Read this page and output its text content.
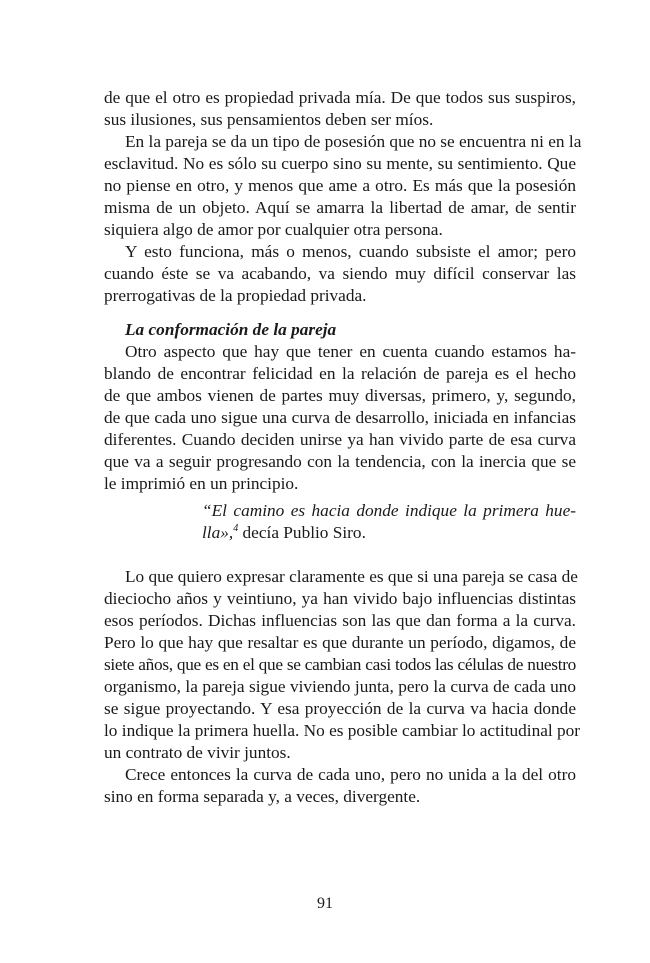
de que el otro es propiedad privada mía. De que todos sus suspiros,
sus ilusiones, sus pensamientos deben ser míos.
En la pareja se da un tipo de posesión que no se encuentra ni en la
esclavitud. No es sólo su cuerpo sino su mente, su sentimiento. Que
no piense en otro, y menos que ame a otro. Es más que la posesión
misma de un objeto. Aquí se amarra la libertad de amar, de sentir
siquiera algo de amor por cualquier otra persona.
Y esto funciona, más o menos, cuando subsiste el amor; pero
cuando éste se va acabando, va siendo muy difícil conservar las
prerrogativas de la propiedad privada.
La conformación de la pareja
Otro aspecto que hay que tener en cuenta cuando estamos ha-
blando de encontrar felicidad en la relación de pareja es el hecho
de que ambos vienen de partes muy diversas, primero, y, segundo,
de que cada uno sigue una curva de desarrollo, iniciada en infancias
diferentes. Cuando deciden unirse ya han vivido parte de esa curva
que va a seguir progresando con la tendencia, con la inercia que se
le imprimió en un principio.
“El camino es hacia donde indique la primera hue-
lla»,$^4$ decía Publio Siro.
Lo que quiero expresar claramente es que si una pareja se casa de
dieciocho años y veintiuno, ya han vivido bajo influencias distintas
esos períodos. Dichas influencias son las que dan forma a la curva.
Pero lo que hay que resaltar es que durante un período, digamos, de
siete años, que es en el que se cambian casi todos las células de nuestro
organismo, la pareja sigue viviendo junta, pero la curva de cada uno
se sigue proyectando. Y esa proyección de la curva va hacia donde
lo indique la primera huella. No es posible cambiar lo actitudinal por
un contrato de vivir juntos.
Crece entonces la curva de cada uno, pero no unida a la del otro
sino en forma separada y, a veces, divergente.
91
